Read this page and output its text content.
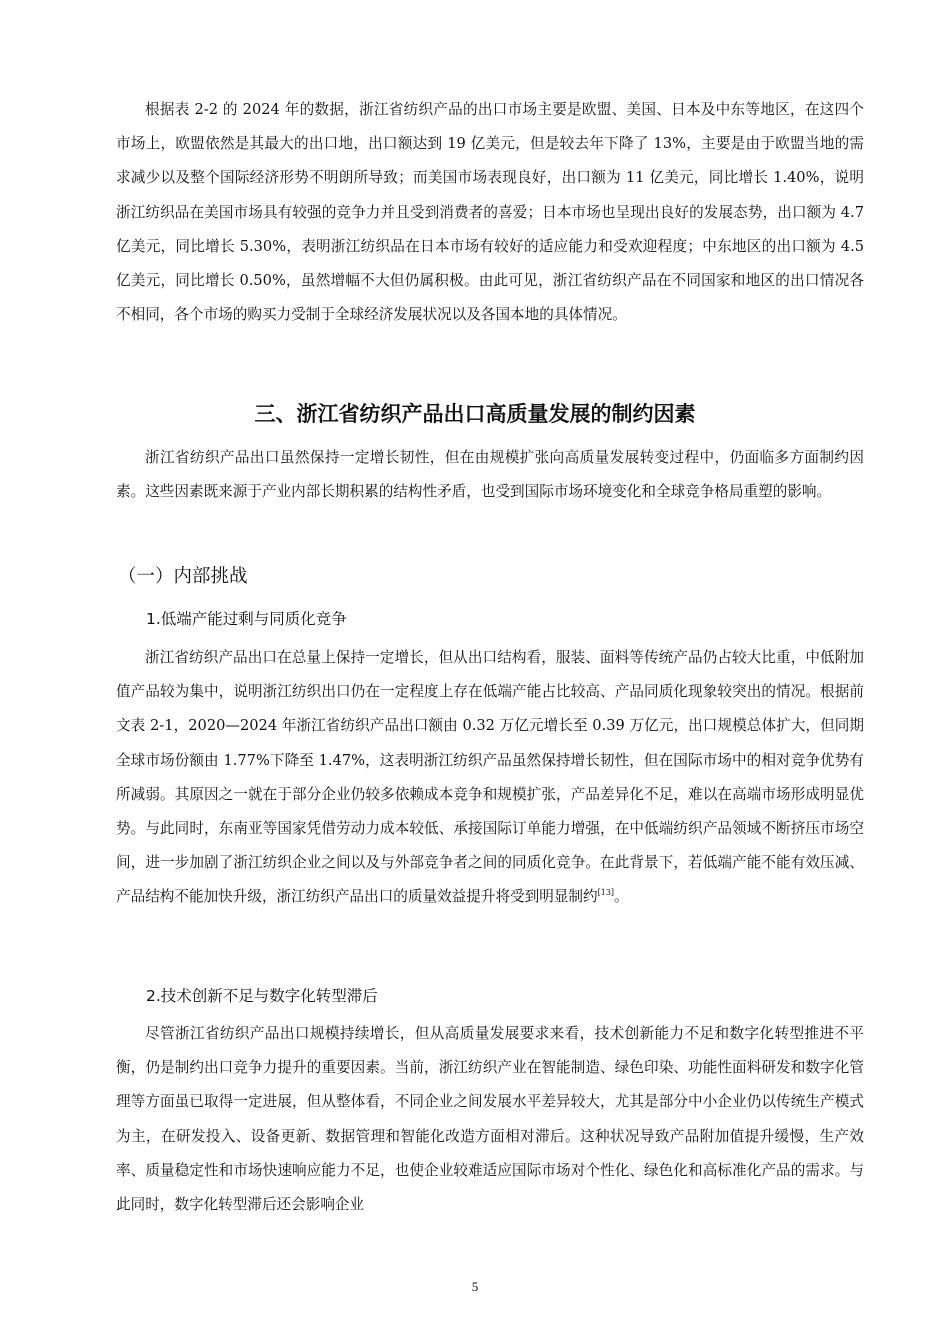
根据表 2-2 的 2024 年的数据，浙江省纺织产品的出口市场主要是欧盟、美国、日本及中东等地区，在这四个市场上，欧盟依然是其最大的出口地，出口额达到 19 亿美元，但是较去年下降了 13%，主要是由于欧盟当地的需求减少以及整个国际经济形势不明朗所导致；而美国市场表现良好，出口额为 11 亿美元，同比增长 1.40%，说明浙江纺织品在美国市场具有较强的竞争力并且受到消费者的喜爱；日本市场也呈现出良好的发展态势，出口额为 4.7 亿美元，同比增长 5.30%，表明浙江纺织品在日本市场有较好的适应能力和受欢迎程度；中东地区的出口额为 4.5 亿美元，同比增长 0.50%，虽然增幅不大但仍属积极。由此可见，浙江省纺织产品在不同国家和地区的出口情况各不相同，各个市场的购买力受制于全球经济发展状况以及各国本地的具体情况。

三、浙江省纺织产品出口高质量发展的制约因素

浙江省纺织产品出口虽然保持一定增长韧性，但在由规模扩张向高质量发展转变过程中，仍面临多方面制约因素。这些因素既来源于产业内部长期积累的结构性矛盾，也受到国际市场环境变化和全球竞争格局重塑的影响。

（一）内部挑战
1.低端产能过剩与同质化竞争

浙江省纺织产品出口在总量上保持一定增长，但从出口结构看，服装、面料等传统产品仍占较大比重，中低附加值产品较为集中，说明浙江纺织出口仍在一定程度上存在低端产能占比较高、产品同质化现象较突出的情况。根据前文表 2-1，2020—2024 年浙江省纺织产品出口额由 0.32 万亿元增长至 0.39 万亿元，出口规模总体扩大，但同期全球市场份额由 1.77%下降至 1.47%，这表明浙江纺织产品虽然保持增长韧性，但在国际市场中的相对竞争优势有所减弱。其原因之一就在于部分企业仍较多依赖成本竞争和规模扩张，产品差异化不足，难以在高端市场形成明显优势。与此同时，东南亚等国家凭借劳动力成本较低、承接国际订单能力增强，在中低端纺织产品领域不断挤压市场空间，进一步加剧了浙江纺织企业之间以及与外部竞争者之间的同质化竞争。在此背景下，若低端产能不能有效压减、产品结构不能加快升级，浙江纺织产品出口的质量效益提升将受到明显制约[13]。

2.技术创新不足与数字化转型滞后

尽管浙江省纺织产品出口规模持续增长，但从高质量发展要求来看，技术创新能力不足和数字化转型推进不平衡，仍是制约出口竞争力提升的重要因素。当前，浙江纺织产业在智能制造、绿色印染、功能性面料研发和数字化管理等方面虽已取得一定进展，但从整体看，不同企业之间发展水平差异较大，尤其是部分中小企业仍以传统生产模式为主，在研发投入、设备更新、数据管理和智能化改造方面相对滞后。这种状况导致产品附加值提升缓慢，生产效率、质量稳定性和市场快速响应能力不足，也使企业较难适应国际市场对个性化、绿色化和高标准化产品的需求。与此同时，数字化转型滞后还会影响企业

5
